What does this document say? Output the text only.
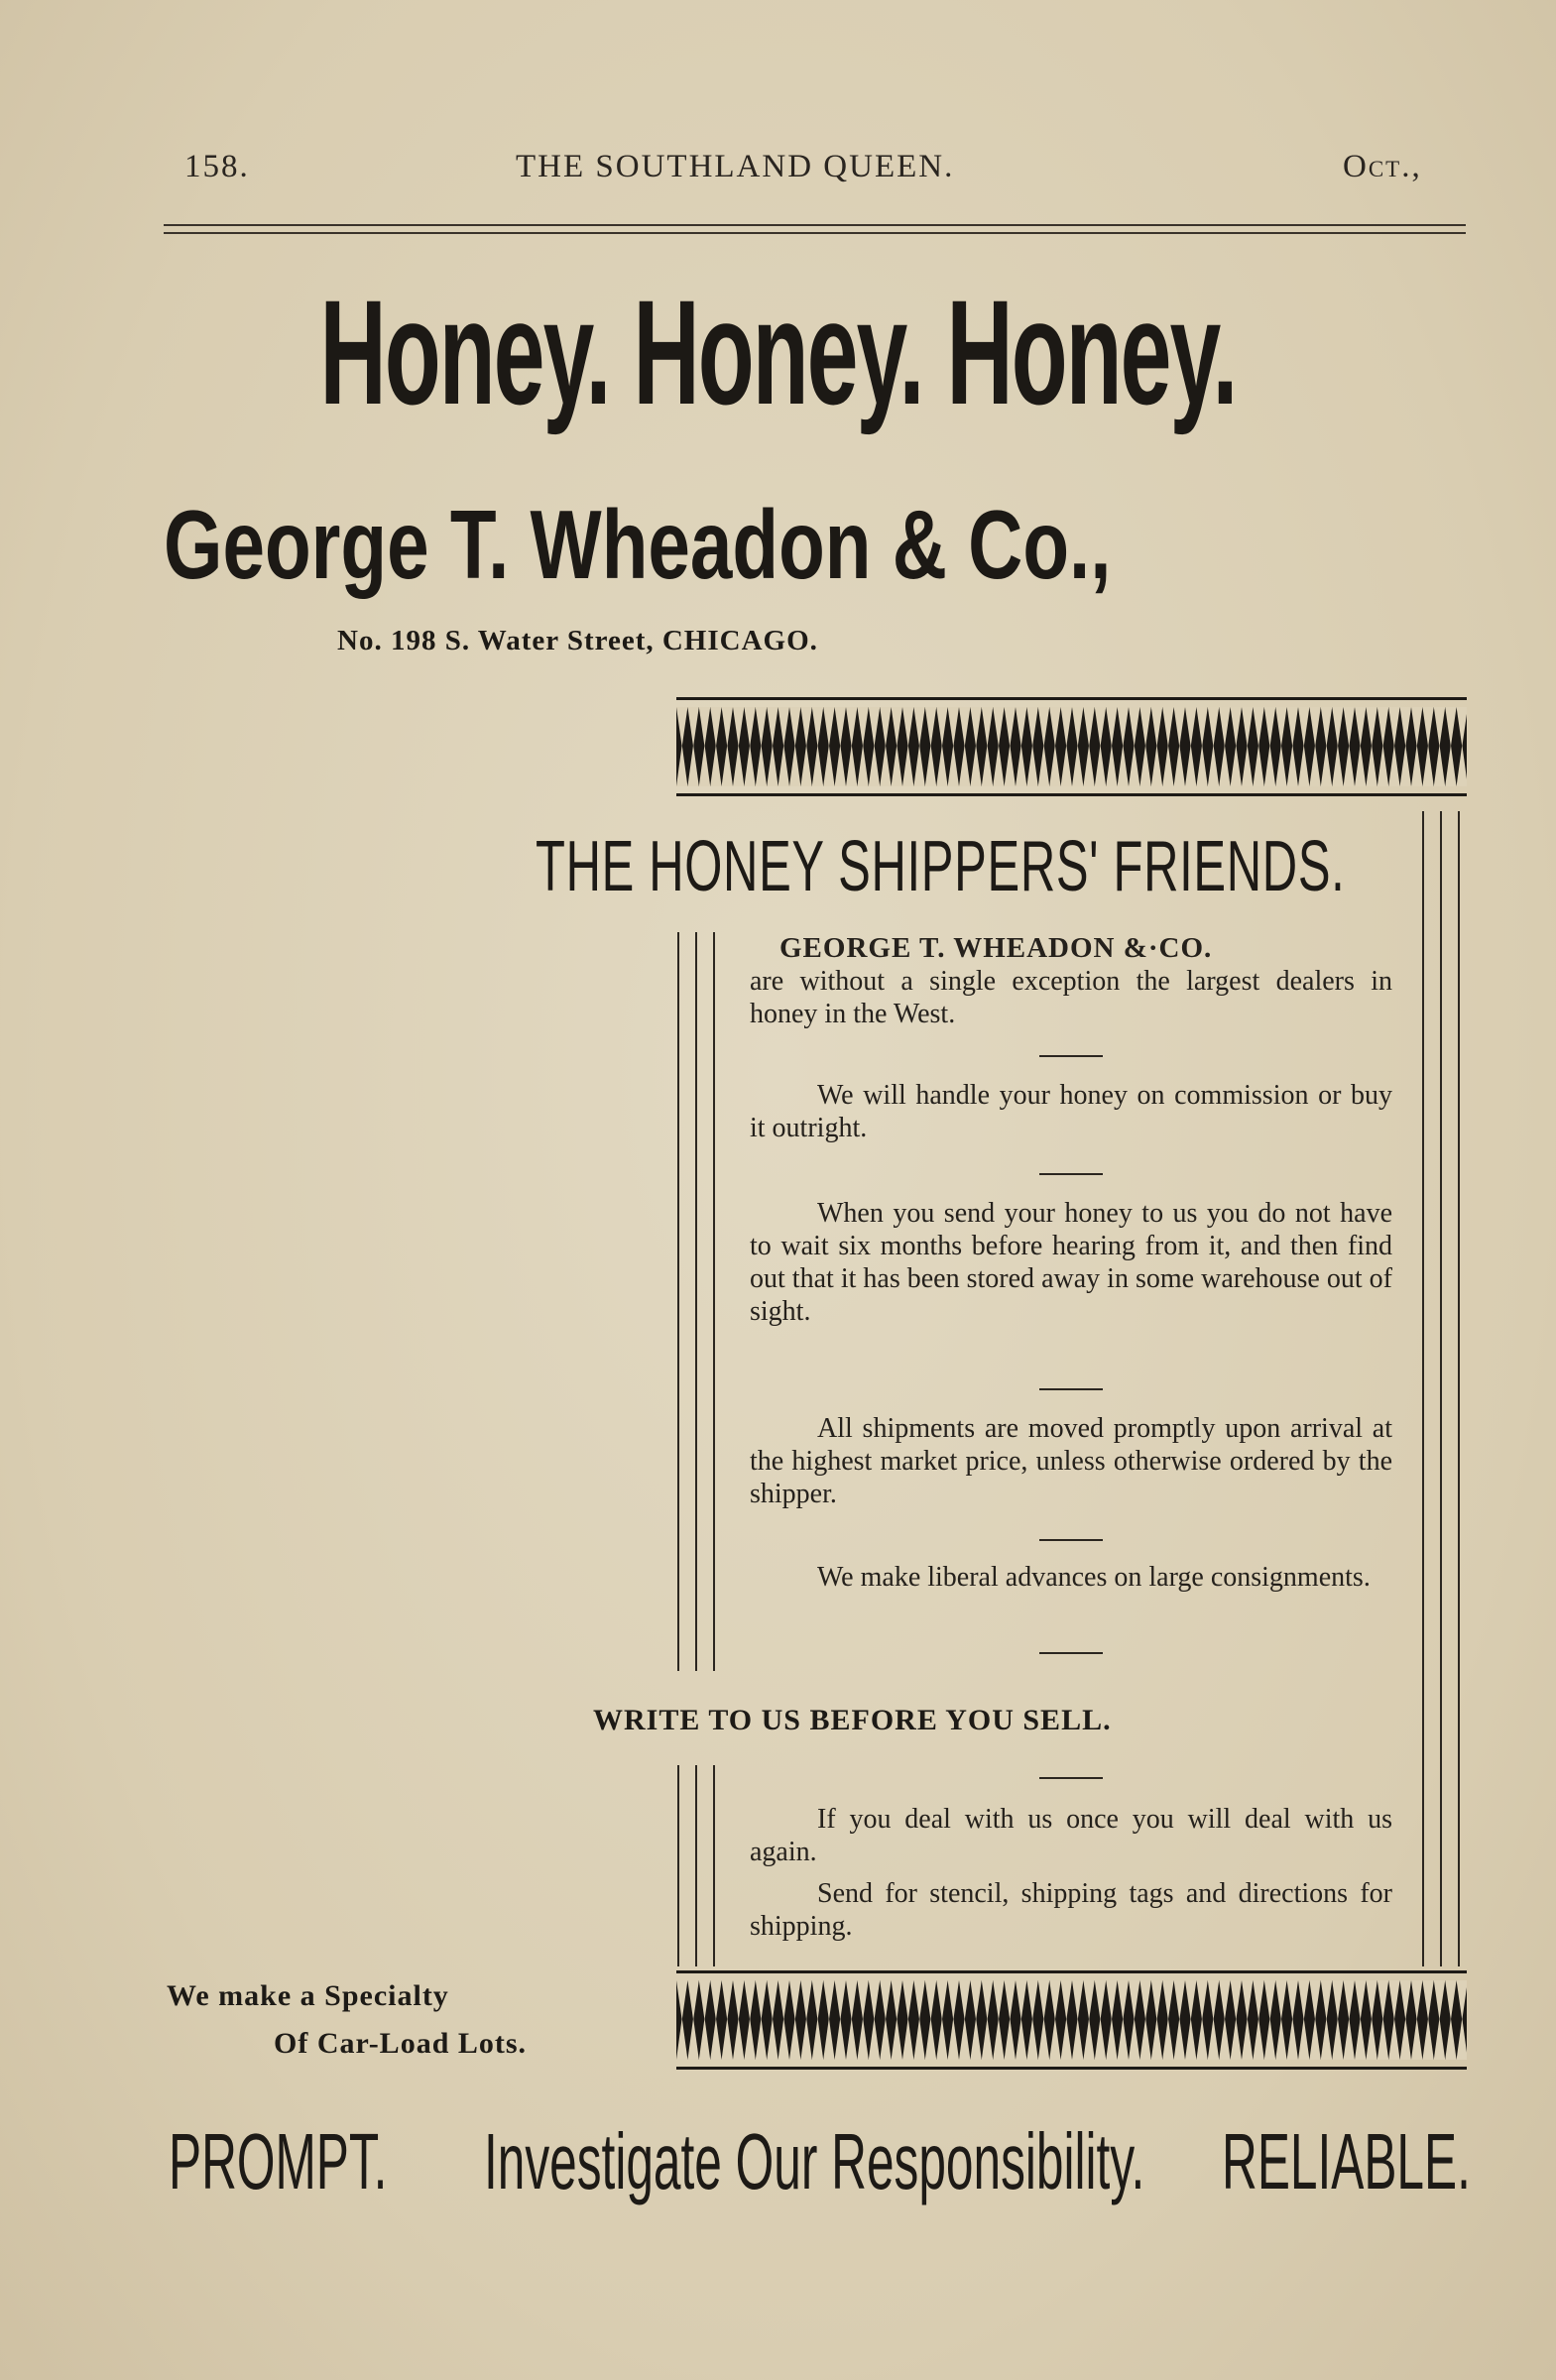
158.	THE SOUTHLAND QUEEN.	Oct.,
Honey. Honey. Honey.
George T. Wheadon & Co.,
No. 198 S. Water Street, CHICAGO.
THE HONEY SHIPPERS' FRIENDS.
GEORGE T. WHEADON &·CO.
are without a single exception the largest dealers in honey in the West.
We will handle your honey on commission or buy it outright.
When you send your honey to us you do not have to wait six months before hearing from it, and then find out that it has been stored away in some warehouse out of sight.
All shipments are moved promptly upon arrival at the highest market price, unless otherwise ordered by the shipper.
We make liberal advances on large consignments.
WRITE TO US BEFORE YOU SELL.
If you deal with us once you will deal with us again.
Send for stencil, shipping tags and directions for shipping.
We make a Specialty
Of Car-Load Lots.
PROMPT. Investigate Our Responsibility. RELIABLE.
